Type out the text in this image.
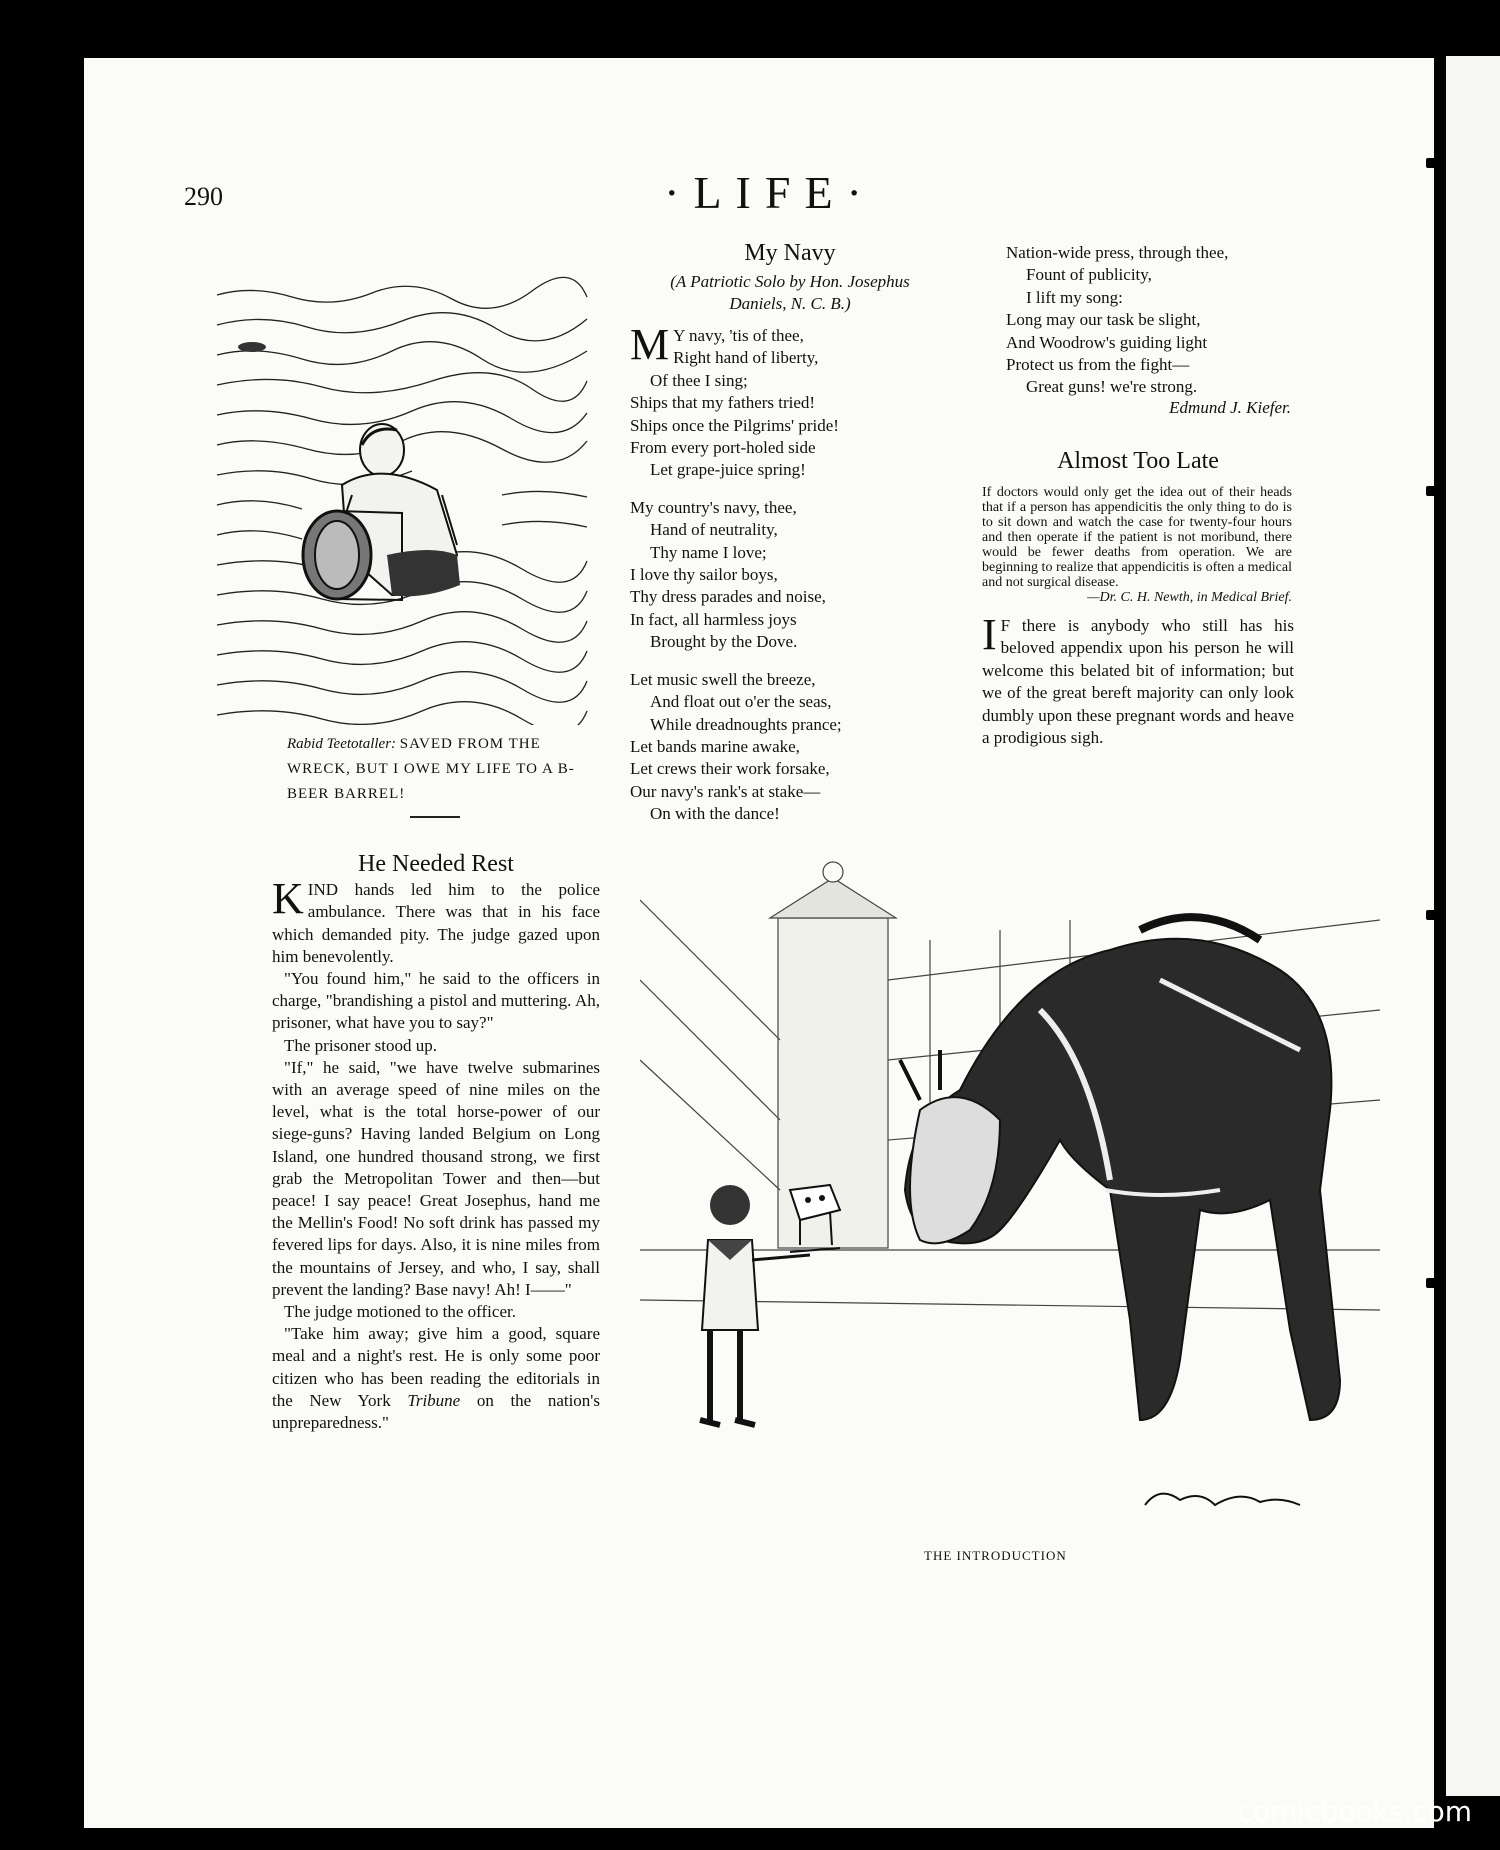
290	·LIFE·
Rabid Teetotaller: SAVED FROM THE WRECK, BUT I OWE MY LIFE TO A B-BEER BARREL!
My Navy
(A Patriotic Solo by Hon. Josephus
Daniels, N. C. B.)

M Y navy, 'tis of thee,
Right hand of liberty,
Of thee I sing;
Ships that my fathers tried!
Ships once the Pilgrims' pride!
From every port-holed side
Let grape-juice spring!

My country's navy, thee,
Hand of neutrality,
Thy name I love;
I love thy sailor boys,
Thy dress parades and noise,
In fact, all harmless joys
Brought by the Dove.

Let music swell the breeze,
And float out o'er the seas,
While dreadnoughts prance;
Let bands marine awake,
Let crews their work forsake,
Our navy's rank's at stake—
On with the dance!

Nation-wide press, through thee,
Fount of publicity,
I lift my song:
Long may our task be slight,
And Woodrow's guiding light
Protect us from the fight—
Great guns! we're strong.

Edmund J. Kiefer.
Almost Too Late
If doctors would only get the idea out of their heads that if a person has appendicitis the only thing to do is to sit down and watch the case for twenty-four hours and then operate if the patient is not moribund, there would be fewer deaths from operation. We are beginning to realize that appendicitis is often a medical and not surgical disease.
—Dr. C. H. Newth, in Medical Brief.
I F there is anybody who still has his beloved appendix upon his person he will welcome this belated bit of information; but we of the great bereft majority can only look dumbly upon these pregnant words and heave a prodigious sigh.
He Needed Rest
KIND hands led him to the police ambulance. There was that in his face which demanded pity. The judge gazed upon him benevolently.
"You found him," he said to the officers in charge, "brandishing a pistol and muttering. Ah, prisoner, what have you to say?"
The prisoner stood up.
"If," he said, "we have twelve submarines with an average speed of nine miles on the level, what is the total horse-power of our siege-guns? Having landed Belgium on Long Island, one hundred thousand strong, we first grab the Metropolitan Tower and then—but peace! I say peace! Great Josephus, hand me the Mellin's Food! No soft drink has passed my fevered lips for days. Also, it is nine miles from the mountains of Jersey, and who, I say, shall prevent the landing? Base navy! Ah! I——"
The judge motioned to the officer.
"Take him away; give him a good, square meal and a night's rest. He is only some poor citizen who has been reading the editorials in the New York Tribune on the nation's unpreparedness."
THE INTRODUCTION
comicbooks.com
